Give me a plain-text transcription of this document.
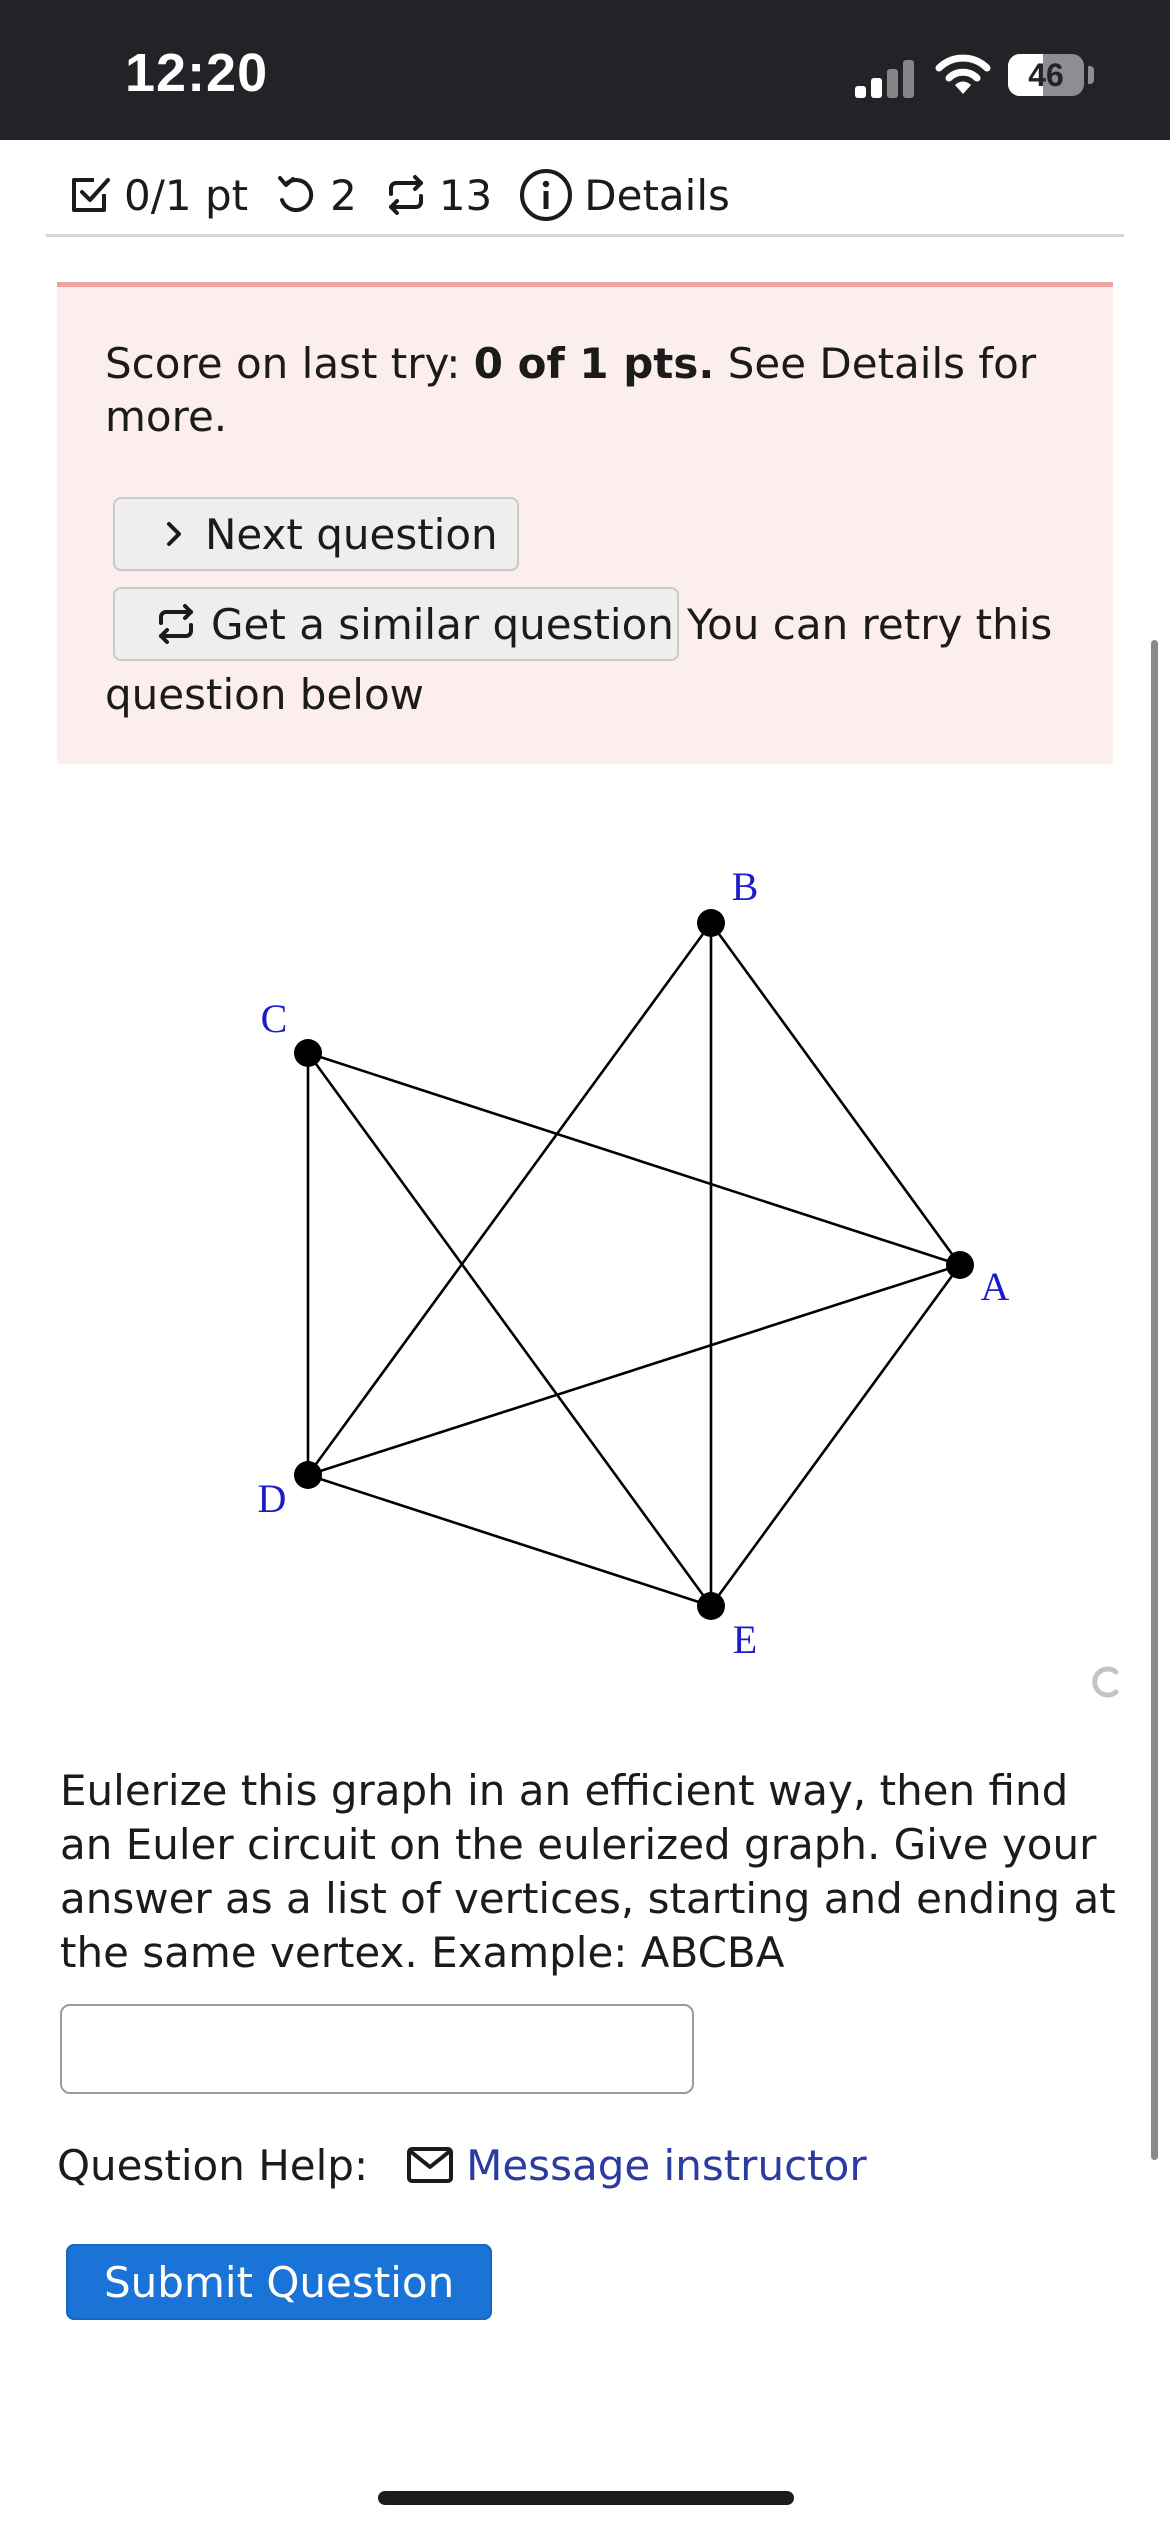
12:20	46
0/1 pt 2 13 Details
Score on last try: 0 of 1 pts. See Details for more.
Next question
Get a similar question You can retry this
question below
A
B
C
D
E
Eulerize this graph in an efficient way, then find an Euler circuit on the eulerized graph. Give your answer as a list of vertices, starting and ending at the same vertex. Example: ABCBA
Question Help: Message instructor
Submit Question
